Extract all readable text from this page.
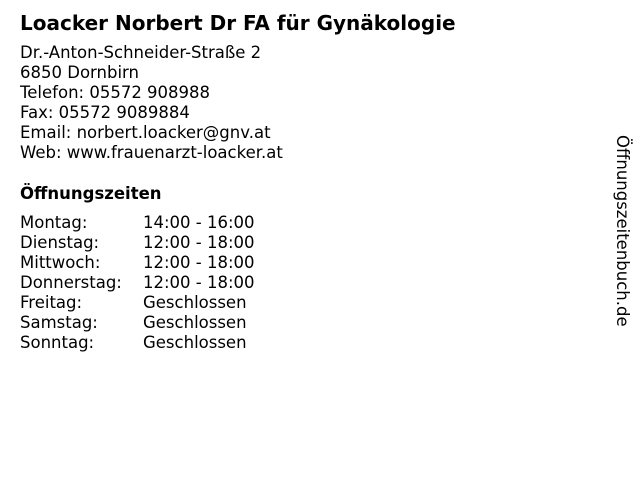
Loacker Norbert Dr FA für Gynäkologie
Dr.-Anton-Schneider-Straße 2
6850 Dornbirn
Telefon: 05572 908988
Fax: 05572 9089884
Email: norbert.loacker@gnv.at
Web: www.frauenarzt-loacker.at
Öffnungszeiten
Montag:	14:00 - 16:00
Dienstag:	12:00 - 18:00
Mittwoch:	12:00 - 18:00
Donnerstag:	12:00 - 18:00
Freitag:	Geschlossen
Samstag:	Geschlossen
Sonntag:	Geschlossen
Öffnungszeitenbuch.de
